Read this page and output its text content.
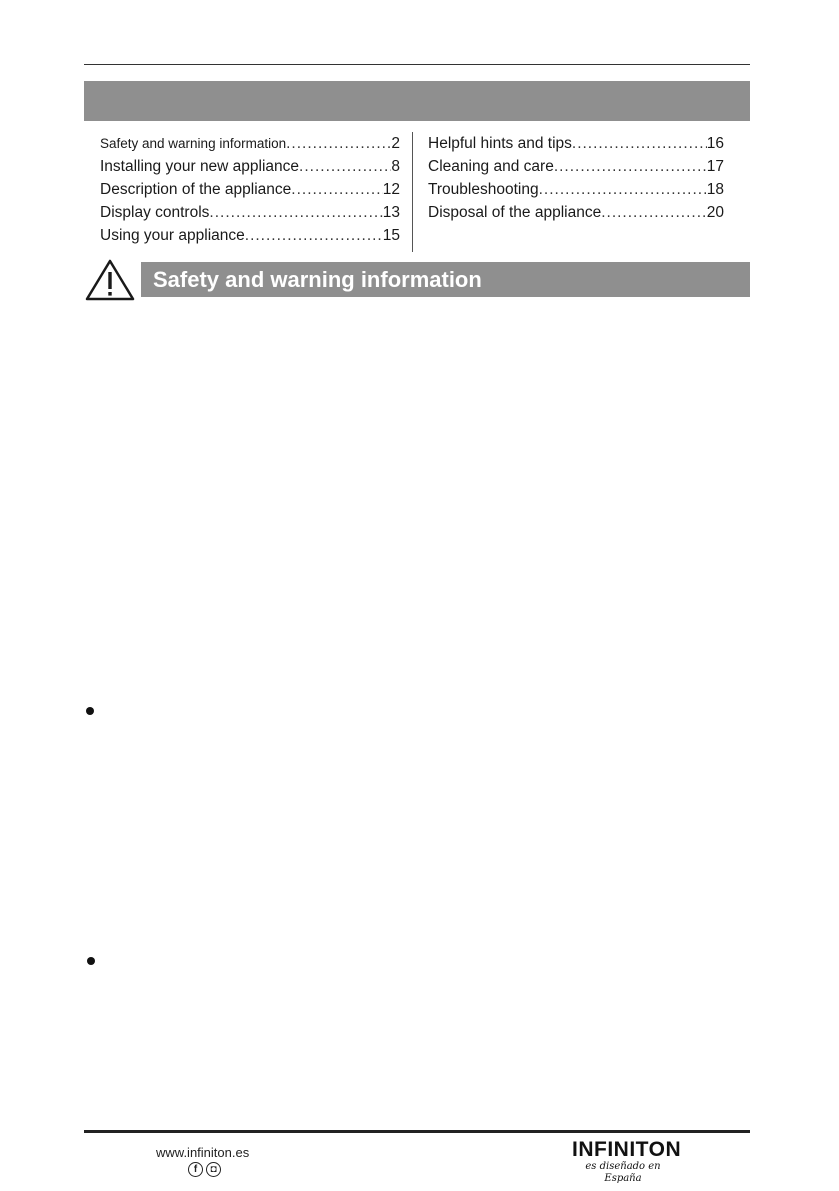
Safety and warning information .....	2
Installing your new appliance .....	8
Description of the appliance .....	12
Display controls .....	13
Using your appliance .....	15
Helpful hints and tips .....	16
Cleaning and care .....	17
Troubleshooting .....	18
Disposal of the appliance .....	20
Safety and warning information
www.infiniton.es
f	◘
INFINITON
es diseñado en España
